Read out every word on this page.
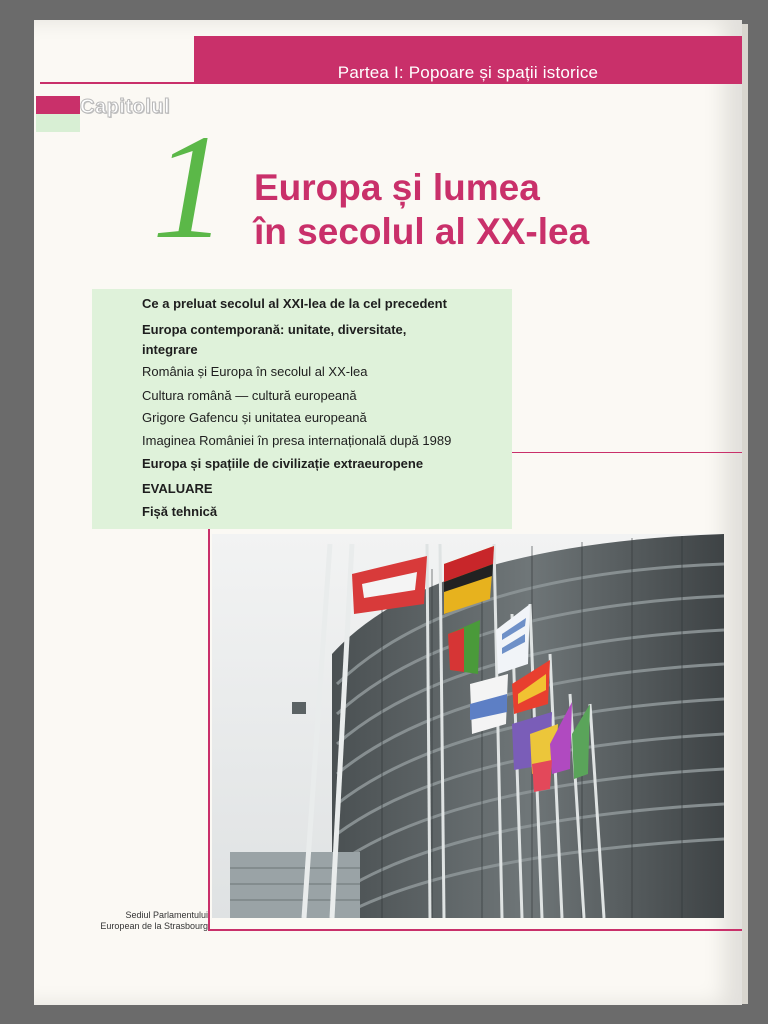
Partea I: Popoare și spații istorice
Capitolul
1 Europa și lumea
în secolul al XX-lea
Ce a preluat secolul al XXI-lea de la cel precedent
Europa contemporană: unitate, diversitate,
integrare
România și Europa în secolul al XX-lea
Cultura română — cultură europeană
Grigore Gafencu și unitatea europeană
Imaginea României în presa internațională după 1989
Europa și spațiile de civilizație extraeuropene
EVALUARE
Fișă tehnică
Sediul Parlamentului
European de la Strasbourg
